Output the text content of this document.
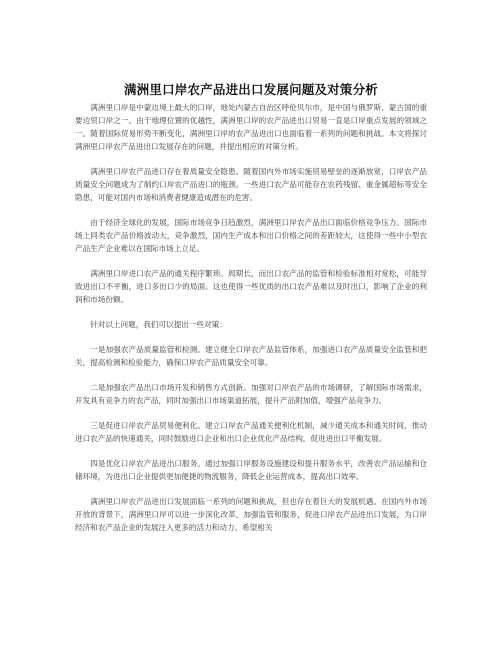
满洲里口岸农产品进出口发展问题及对策分析

满洲里口岸是中蒙边境上最大的口岸，地处内蒙古自治区呼伦贝尔市，是中国与俄罗斯、蒙古国的重要边贸口岸之一。由于地理位置的优越性，满洲里口岸的农产品进出口贸易一直是口岸重点发展的领域之一。随着国际贸易形势不断变化，满洲里口岸的农产品进出口也面临着一系列的问题和挑战。本文将探讨满洲里口岸农产品进出口发展存在的问题，并提出相应的对策分析。

满洲里口岸农产品进口存在着质量安全隐患。随着国内外市场实施贸易壁垒的逐渐放宽，口岸农产品质量安全问题成为了制约口岸农产品进口的瓶颈。一些进口农产品可能存在农药残留、重金属超标等安全隐患，可能对国内市场和消费者健康造成潜在的危害。

由于经济全球化的发展，国际市场竞争日趋激烈，满洲里口岸农产品出口面临价格竞争压力。国际市场上同类农产品价格波动大，竞争激烈，国内生产成本和出口价格之间的差距较大，这使得一些中小型农产品生产企业难以在国际市场上立足。

满洲里口岸进口农产品的通关程序繁琐、周期长，而出口农产品的监管和检验标准相对宽松，可能导致进出口不平衡，进口多出口少的局面。这也使得一些优质的出口农产品难以及时出口，影响了企业的利润和市场份额。

针对以上问题，我们可以提出一些对策：

一是加强农产品质量监管和检测。建立健全口岸农产品监管体系，加强进口农产品质量安全监管和把关，提高检测和检验能力，确保口岸农产品质量安全可靠。

二是加强农产品出口市场开发和销售方式创新。加强对口岸农产品的市场调研，了解国际市场需求，开发具有竞争力的农产品，同时加强出口市场渠道拓展，提升产品附加值，增强产品竞争力。

三是促进口岸农产品贸易便利化。建立口岸农产品通关便利化机制，减少通关成本和通关时间，推动进口农产品的快速通关，同时鼓励进口企业和出口企业优化产品结构，促进进出口平衡发展。

四是优化口岸农产品进出口服务。通过加强口岸服务设施建设和提升服务水平，改善农产品运输和仓储环境，为进出口企业提供更加便捷的物流服务，降低企业运营成本，提高出口效率。

满洲里口岸农产品进出口发展面临一系列的问题和挑战，但也存在着巨大的发展机遇。在国内外市场开放的背景下，满洲里口岸可以进一步深化改革，加强监管和服务，促进口岸农产品进出口发展，为口岸经济和农产品企业的发展注入更多的活力和动力。希望相关
